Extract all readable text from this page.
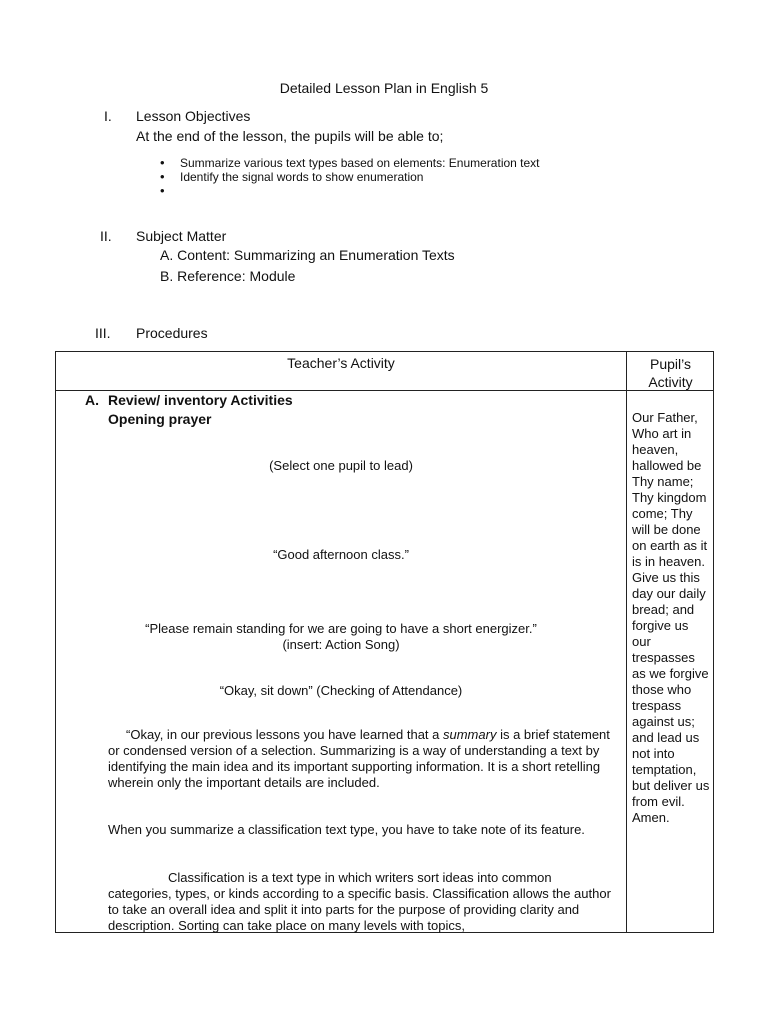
Detailed Lesson Plan in English 5
I. Lesson Objectives
At the end of the lesson, the pupils will be able to;
• Summarize various text types based on elements: Enumeration text
• Identify the signal words to show enumeration
•
II. Subject Matter
A. Content: Summarizing an Enumeration Texts
B. Reference: Module
III. Procedures
Teacher’s Activity	Pupil’s
Activity
A. Review/ inventory Activities
Opening prayer
(Select one pupil to lead)
“Good afternoon class.”
“Please remain standing for we are going to have a short energizer.”
(insert: Action Song)
“Okay, sit down” (Checking of Attendance)
“Okay, in our previous lessons you have learned that a summary is a brief statement or condensed version of a selection. Summarizing is a way of understanding a text by identifying the main idea and its important supporting information. It is a short retelling wherein only the important details are included.
When you summarize a classification text type, you have to take note of its feature.
Classification is a text type in which writers sort ideas into common categories, types, or kinds according to a specific basis. Classification allows the author to take an overall idea and split it into parts for the purpose of providing clarity and description. Sorting can take place on many levels with topics,
Our Father, Who art in heaven, hallowed be Thy name; Thy kingdom come; Thy will be done on earth as it is in heaven. Give us this day our daily bread; and forgive us our trespasses as we forgive those who trespass against us; and lead us not into temptation, but deliver us from evil. Amen.
